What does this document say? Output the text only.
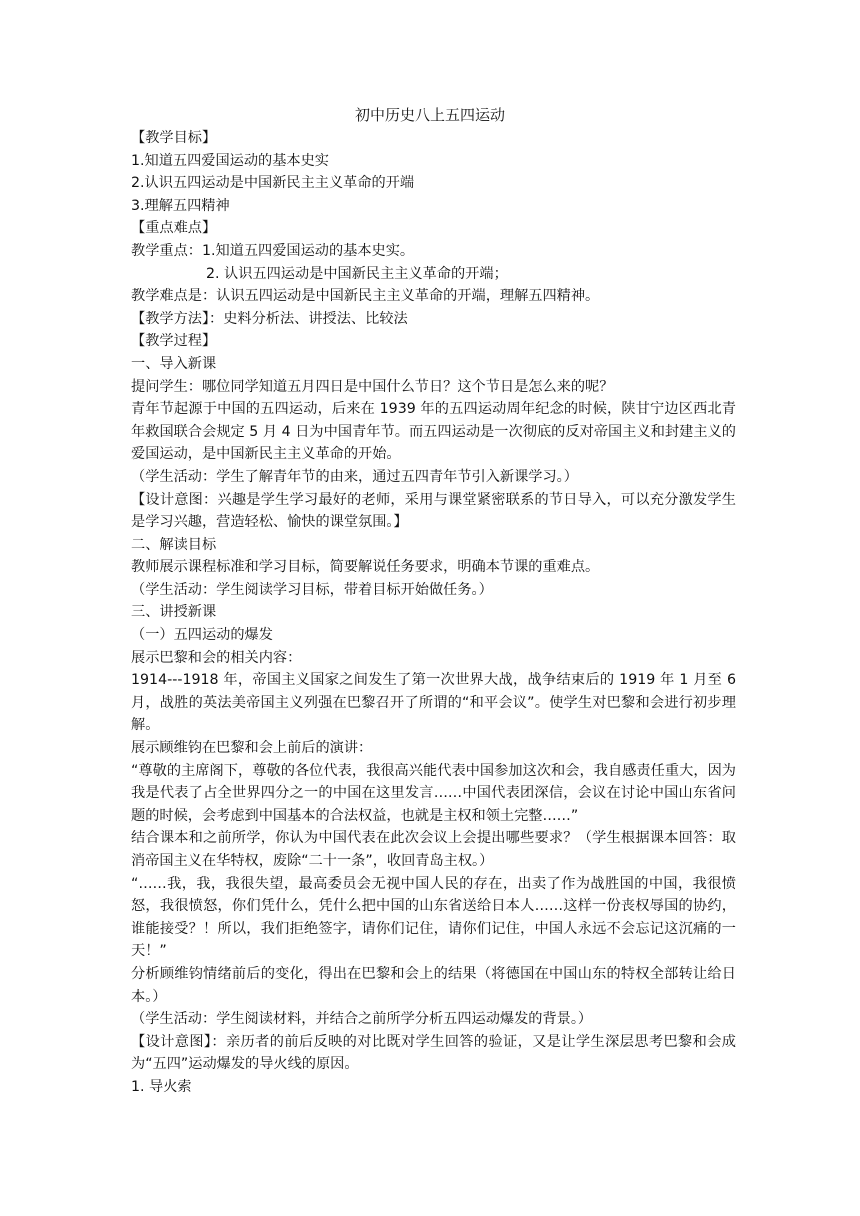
初中历史八上五四运动

【教学目标】

1.知道五四爱国运动的基本史实

2.认识五四运动是中国新民主主义革命的开端

3.理解五四精神

【重点难点】

教学重点：1.知道五四爱国运动的基本史实。

2. 认识五四运动是中国新民主主义革命的开端；

教学难点是：认识五四运动是中国新民主主义革命的开端，理解五四精神。

【教学方法】：史料分析法、讲授法、比较法

【教学过程】

一、导入新课

提问学生：哪位同学知道五月四日是中国什么节日？这个节日是怎么来的呢？

青年节起源于中国的五四运动，后来在 1939 年的五四运动周年纪念的时候，陕甘宁边区西北青年救国联合会规定 5 月 4 日为中国青年节。而五四运动是一次彻底的反对帝国主义和封建主义的爱国运动，是中国新民主主义革命的开始。

（学生活动：学生了解青年节的由来，通过五四青年节引入新课学习。）

【设计意图：兴趣是学生学习最好的老师，采用与课堂紧密联系的节日导入，可以充分激发学生是学习兴趣，营造轻松、愉快的课堂氛围。】

二、解读目标

教师展示课程标准和学习目标，简要解说任务要求，明确本节课的重难点。

（学生活动：学生阅读学习目标，带着目标开始做任务。）

三、讲授新课

（一）五四运动的爆发

展示巴黎和会的相关内容：

1914---1918 年，帝国主义国家之间发生了第一次世界大战，战争结束后的 1919 年 1 月至 6 月，战胜的英法美帝国主义列强在巴黎召开了所谓的“和平会议”。使学生对巴黎和会进行初步理解。

展示顾维钧在巴黎和会上前后的演讲：

“尊敬的主席阁下，尊敬的各位代表，我很高兴能代表中国参加这次和会，我自感责任重大，因为我是代表了占全世界四分之一的中国在这里发言……中国代表团深信，会议在讨论中国山东省问题的时候，会考虑到中国基本的合法权益，也就是主权和领土完整……”

结合课本和之前所学，你认为中国代表在此次会议上会提出哪些要求？（学生根据课本回答：取消帝国主义在华特权，废除“二十一条”，收回青岛主权。）

“……我，我，我很失望，最高委员会无视中国人民的存在，出卖了作为战胜国的中国，我很愤怒，我很愤怒，你们凭什么，凭什么把中国的山东省送给日本人……这样一份丧权辱国的协约，谁能接受？！所以，我们拒绝签字，请你们记住，请你们记住，中国人永远不会忘记这沉痛的一天！”

分析顾维钧情绪前后的变化，得出在巴黎和会上的结果（将德国在中国山东的特权全部转让给日本。）

（学生活动：学生阅读材料，并结合之前所学分析五四运动爆发的背景。）

【设计意图】：亲历者的前后反映的对比既对学生回答的验证，又是让学生深层思考巴黎和会成为“五四”运动爆发的导火线的原因。

1. 导火索
